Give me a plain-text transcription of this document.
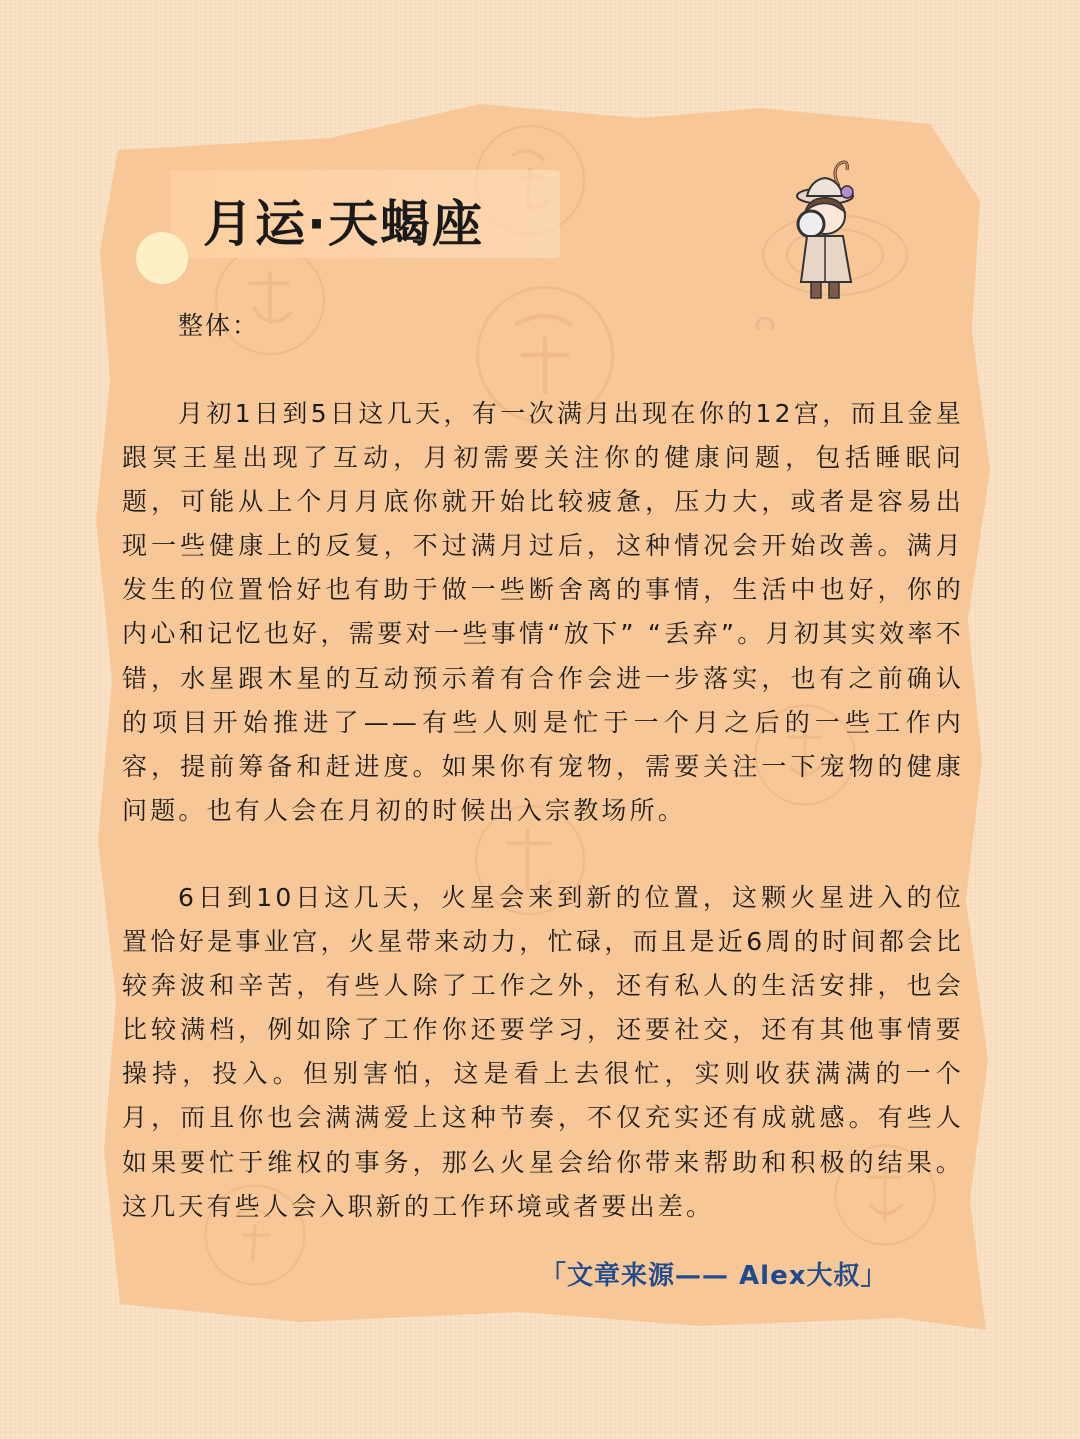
月运·天蝎座

整体：

月初1日到5日这几天，有一次满月出现在你的12宫，而且金星跟冥王星出现了互动，月初需要关注你的健康问题，包括睡眠问题，可能从上个月月底你就开始比较疲惫，压力大，或者是容易出现一些健康上的反复，不过满月过后，这种情况会开始改善。满月发生的位置恰好也有助于做一些断舍离的事情，生活中也好，你的内心和记忆也好，需要对一些事情“放下” “丢弃”。月初其实效率不错，水星跟木星的互动预示着有合作会进一步落实，也有之前确认的项目开始推进了——有些人则是忙于一个月之后的一些工作内容，提前筹备和赶进度。如果你有宠物，需要关注一下宠物的健康问题。也有人会在月初的时候出入宗教场所。

6日到10日这几天，火星会来到新的位置，这颗火星进入的位置恰好是事业宫，火星带来动力，忙碌，而且是近6周的时间都会比较奔波和辛苦，有些人除了工作之外，还有私人的生活安排，也会比较满档，例如除了工作你还要学习，还要社交，还有其他事情要操持，投入。但别害怕，这是看上去很忙，实则收获满满的一个月，而且你也会满满爱上这种节奏，不仅充实还有成就感。有些人如果要忙于维权的事务，那么火星会给你带来帮助和积极的结果。这几天有些人会入职新的工作环境或者要出差。

「文章来源—— Alex大叔」
